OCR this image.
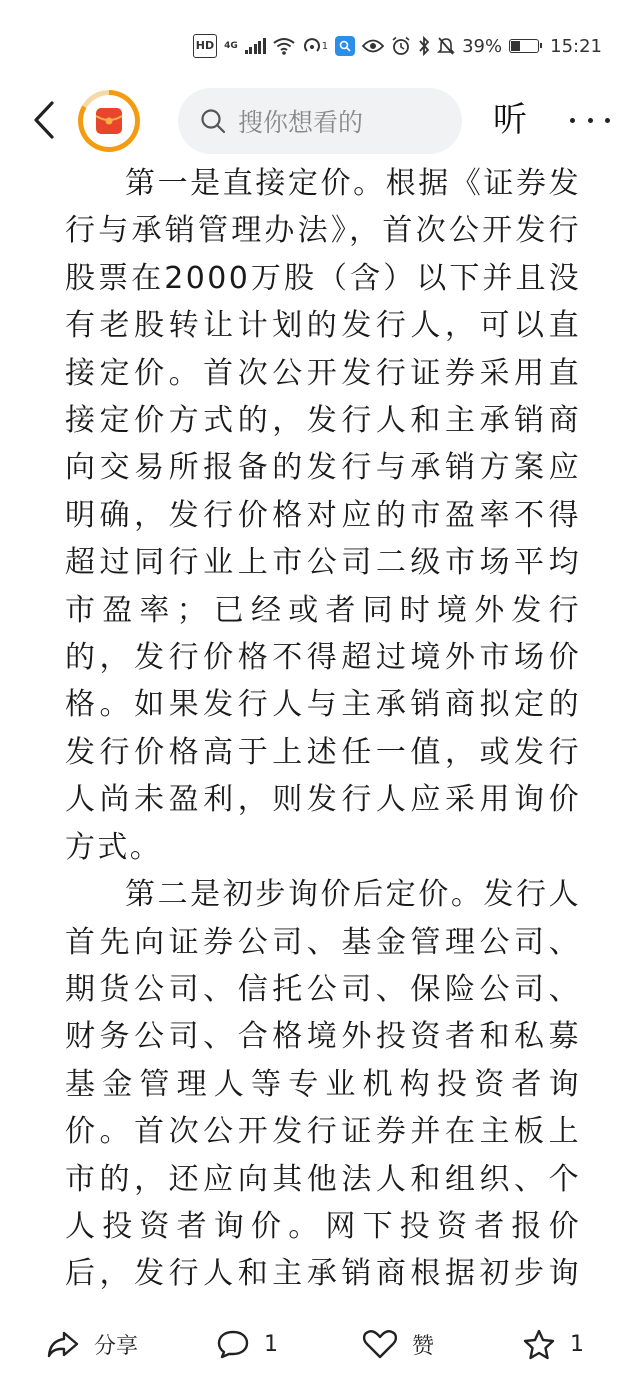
HD	4G	1	39%	15:21
搜你想看的	听

第一是直接定价。根据《证券发行与承销管理办法》，首次公开发行股票在2000万股（含）以下并且没有老股转让计划的发行人，可以直接定价。首次公开发行证券采用直接定价方式的，发行人和主承销商向交易所报备的发行与承销方案应明确，发行价格对应的市盈率不得超过同行业上市公司二级市场平均市盈率；已经或者同时境外发行的，发行价格不得超过境外市场价格。如果发行人与主承销商拟定的发行价格高于上述任一值，或发行人尚未盈利，则发行人应采用询价方式。

第二是初步询价后定价。发行人首先向证券公司、基金管理公司、期货公司、信托公司、保险公司、财务公司、合格境外投资者和私募基金管理人等专业机构投资者询价。首次公开发行证券并在主板上市的，还应向其他法人和组织、个人投资者询价。网下投资者报价后，发行人和主承销商根据初步询

分享	1	赞	1
